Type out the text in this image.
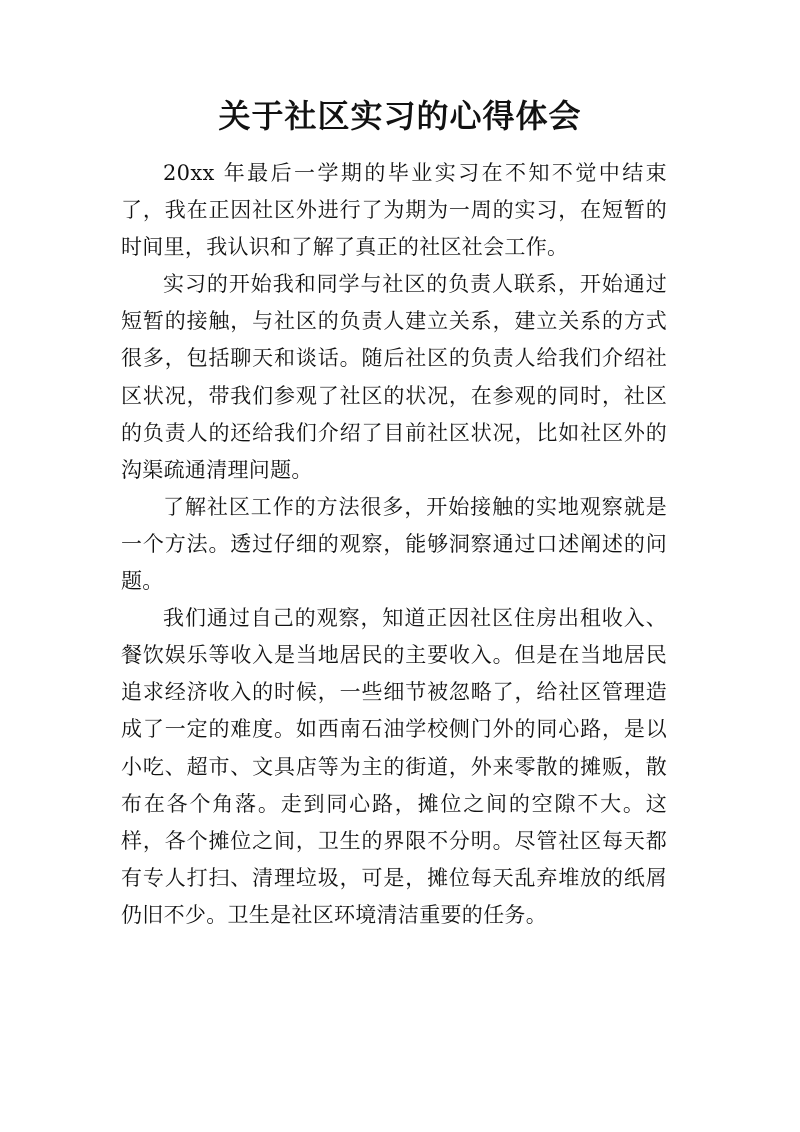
关于社区实习的心得体会

20xx 年最后一学期的毕业实习在不知不觉中结束了，我在正因社区外进行了为期为一周的实习，在短暂的时间里，我认识和了解了真正的社区社会工作。

实习的开始我和同学与社区的负责人联系，开始通过短暂的接触，与社区的负责人建立关系，建立关系的方式很多，包括聊天和谈话。随后社区的负责人给我们介绍社区状况，带我们参观了社区的状况，在参观的同时，社区的负责人的还给我们介绍了目前社区状况，比如社区外的沟渠疏通清理问题。

了解社区工作的方法很多，开始接触的实地观察就是一个方法。透过仔细的观察，能够洞察通过口述阐述的问题。

我们通过自己的观察，知道正因社区住房出租收入、餐饮娱乐等收入是当地居民的主要收入。但是在当地居民追求经济收入的时候，一些细节被忽略了，给社区管理造成了一定的难度。如西南石油学校侧门外的同心路，是以小吃、超市、文具店等为主的街道，外来零散的摊贩，散布在各个角落。走到同心路，摊位之间的空隙不大。这样，各个摊位之间，卫生的界限不分明。尽管社区每天都有专人打扫、清理垃圾，可是，摊位每天乱弃堆放的纸屑仍旧不少。卫生是社区环境清洁重要的任务。
